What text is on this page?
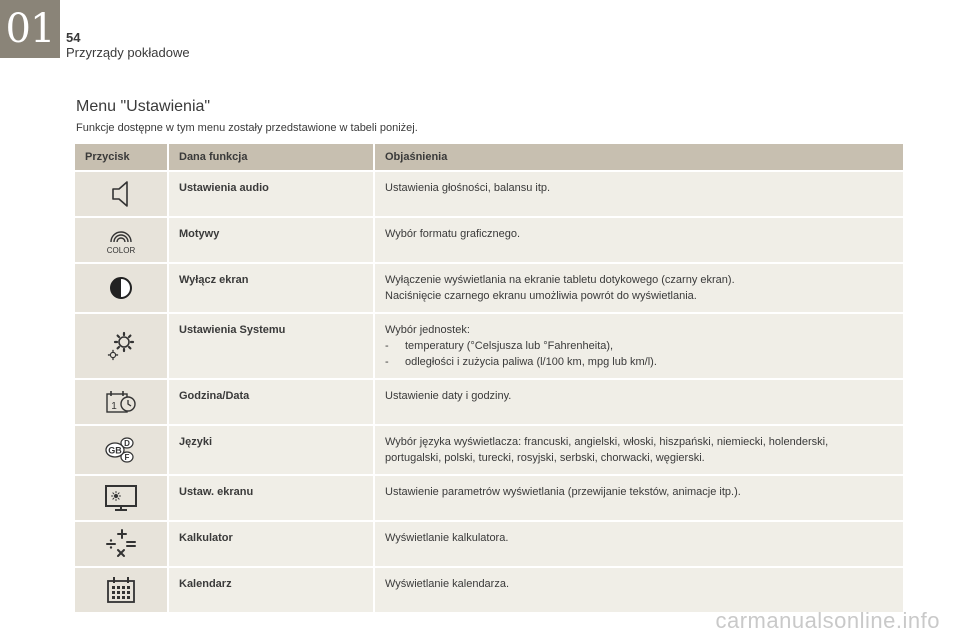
01 54
Przyrządy pokładowe
Menu "Ustawienia"
Funkcje dostępne w tym menu zostały przedstawione w tabeli poniżej.
Przycisk	Dana funkcja	Objaśnienia

	Ustawienia audio	Ustawienia głośności, balansu itp.

COLOR	Motywy	Wybór formatu graficznego.

	Wyłącz ekran	Wyłączenie wyświetlania na ekranie tabletu dotykowego (czarny ekran).
Naciśnięcie czarnego ekranu umożliwia powrót do wyświetlania.

	Ustawienia Systemu	Wybór jednostek:
- temperatury (°Celsjusza lub °Fahrenheita),
- odległości i zużycia paliwa (l/100 km, mpg lub km/l).

1	Godzina/Data	Ustawienie daty i godziny.

D
F
GB	Języki	Wybór języka wyświetlacza: francuski, angielski, włoski, hiszpański, niemiecki, holenderski,
portugalski, polski, turecki, rosyjski, serbski, chorwacki, węgierski.

	Ustaw. ekranu	Ustawienie parametrów wyświetlania (przewijanie tekstów, animacje itp.).

	Kalkulator	Wyświetlanie kalkulatora.

	Kalendarz	Wyświetlanie kalendarza.
carmanualsonline.info
